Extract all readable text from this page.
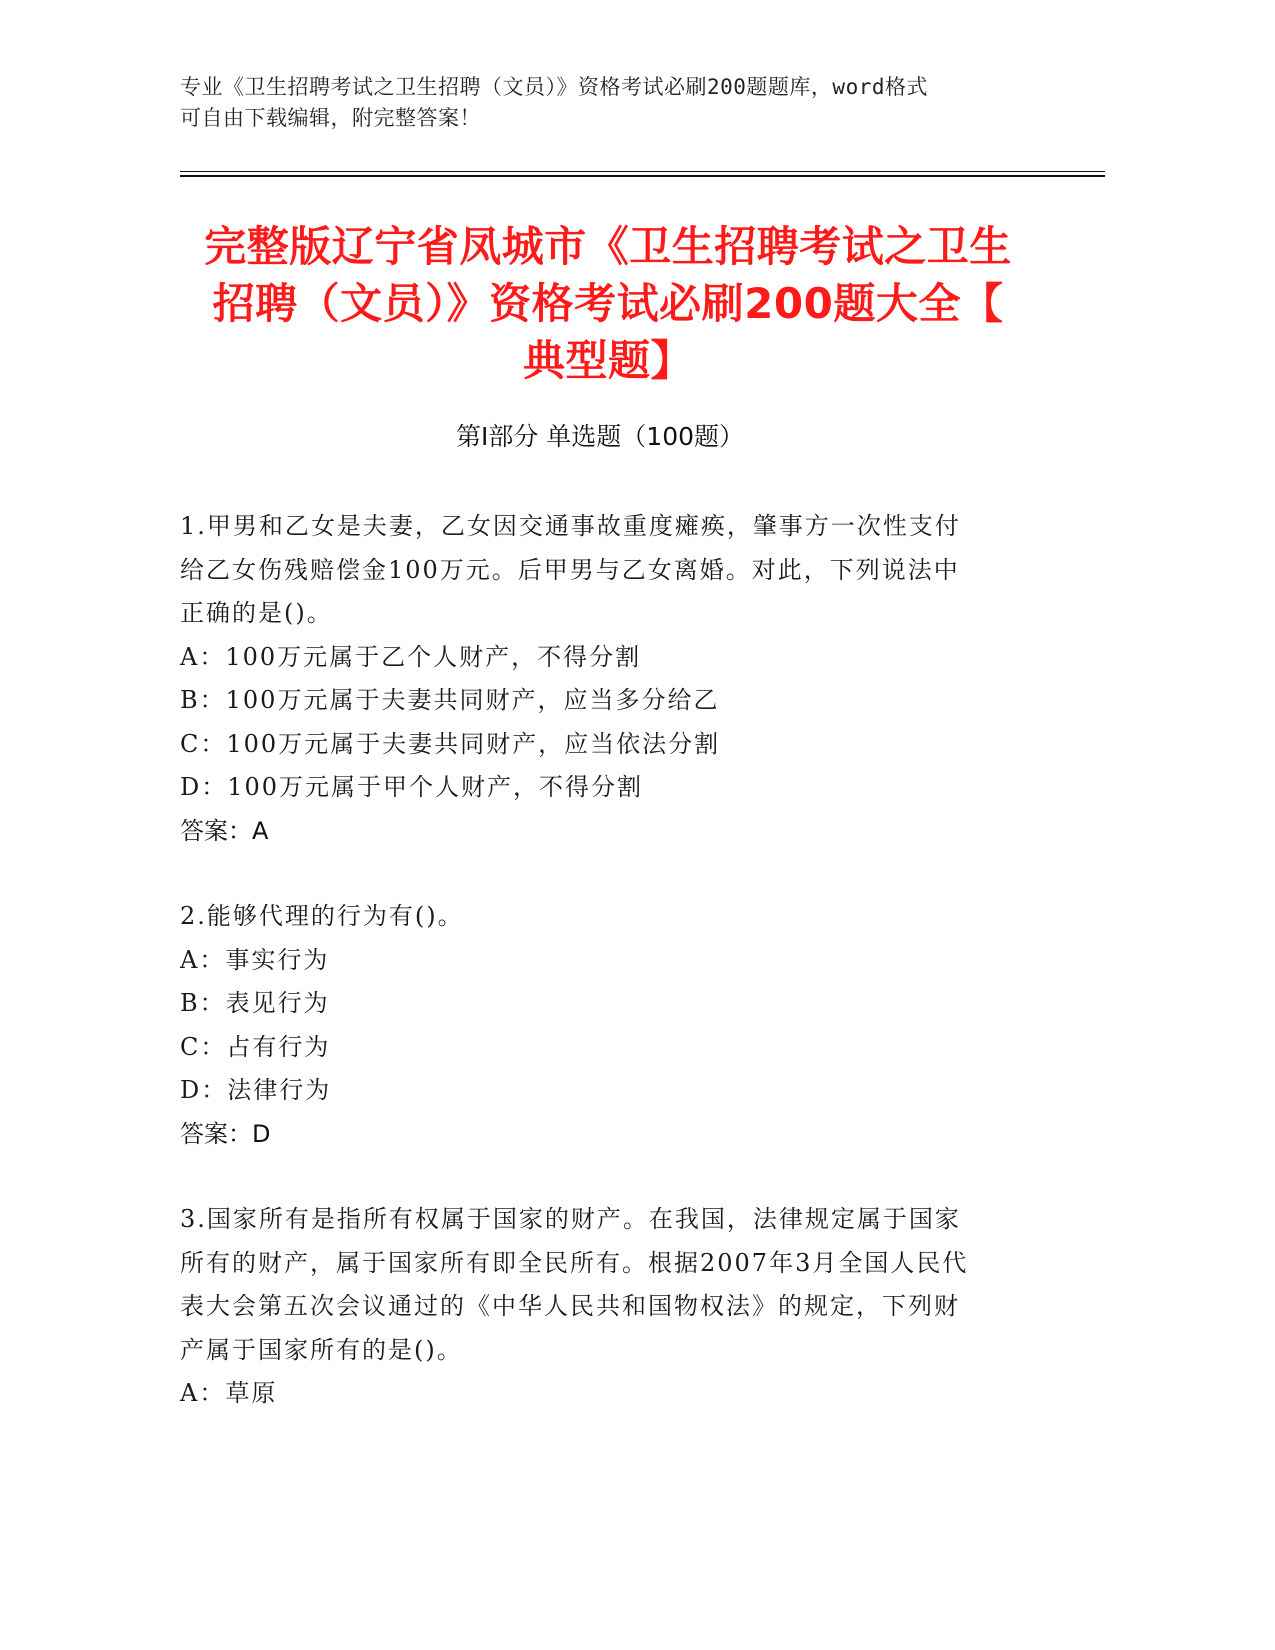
专业《卫生招聘考试之卫生招聘（文员）》资格考试必刷200题题库，word格式
可自由下载编辑，附完整答案！
完整版辽宁省凤城市《卫生招聘考试之卫生
招聘（文员）》资格考试必刷200题大全【
典型题】
第Ⅰ部分 单选题（100题）

1.甲男和乙女是夫妻，乙女因交通事故重度瘫痪，肇事方一次性支付

给乙女伤残赔偿金100万元。后甲男与乙女离婚。对此，下列说法中

正确的是()。

A：100万元属于乙个人财产，不得分割

B：100万元属于夫妻共同财产，应当多分给乙

C：100万元属于夫妻共同财产，应当依法分割

D：100万元属于甲个人财产，不得分割

答案：A

2.能够代理的行为有()。

A：事实行为

B：表见行为

C：占有行为

D：法律行为

答案：D

3.国家所有是指所有权属于国家的财产。在我国，法律规定属于国家

所有的财产，属于国家所有即全民所有。根据2007年3月全国人民代

表大会第五次会议通过的《中华人民共和国物权法》的规定，下列财

产属于国家所有的是()。

A：草原
